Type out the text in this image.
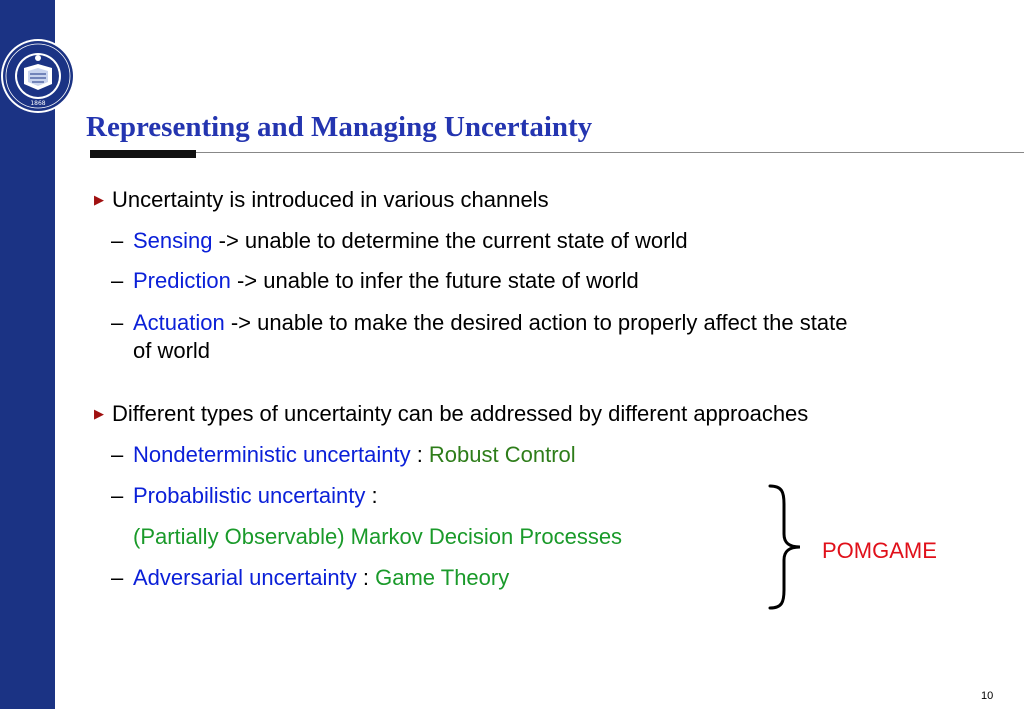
1868
Representing and Managing Uncertainty
▶ Uncertainty is introduced in various channels
– Sensing -> unable to determine the current state of world
– Prediction -> unable to infer the future state of world
– Actuation -> unable to make the desired action to properly affect the state
of world
▶ Different types of uncertainty can be addressed by different approaches
– Nondeterministic uncertainty : Robust Control
– Probabilistic uncertainty :
(Partially Observable) Markov Decision Processes
– Adversarial uncertainty : Game Theory
POMGAME
10
